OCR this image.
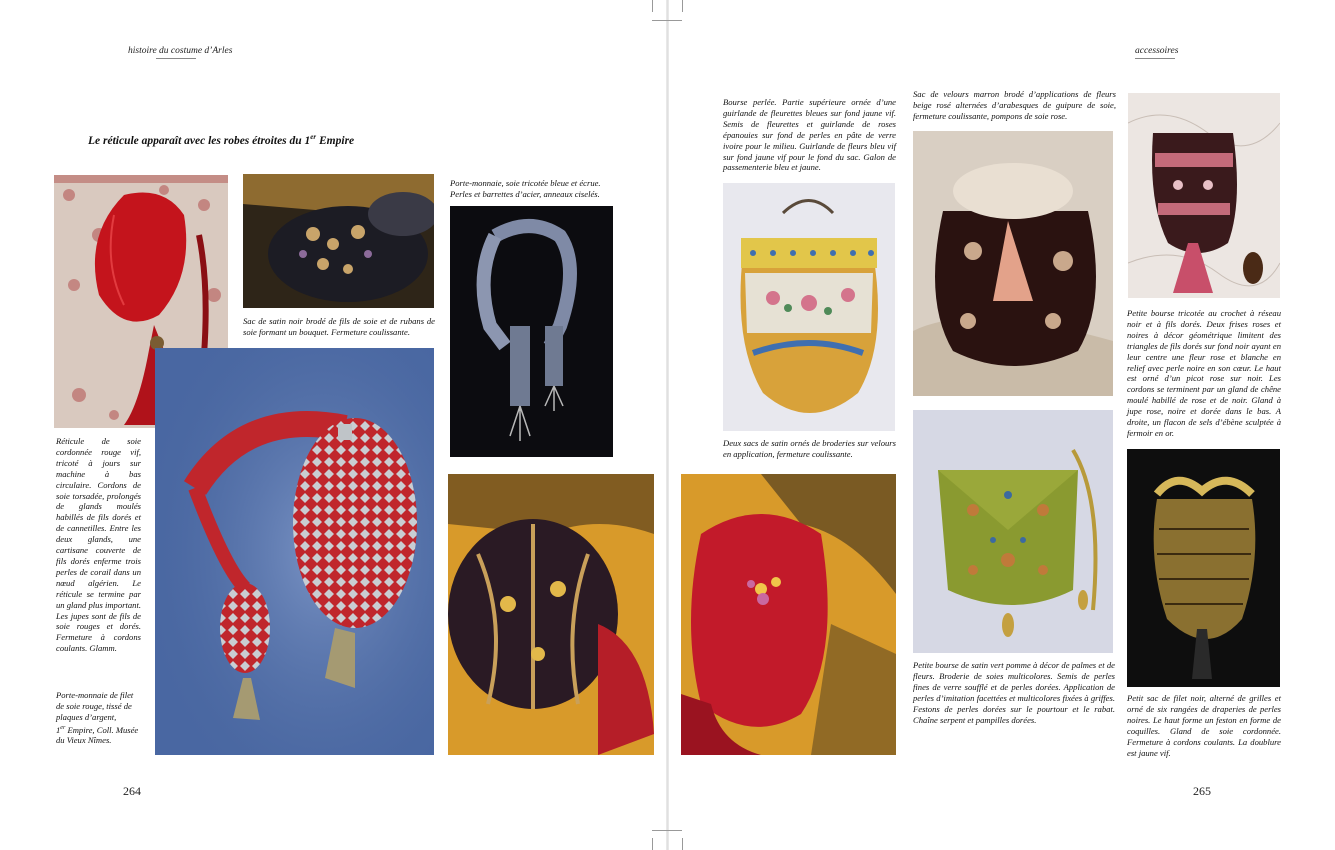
histoire du costume d’Arles	accessoires
Le réticule apparaît avec les robes étroites du 1er Empire
Sac de satin noir brodé de fils de soie et de rubans de soie formant un bouquet. Fermeture coulissante.
Porte-monnaie, soie tricotée bleue et écrue. Perles et barrettes d’acier, anneaux ciselés.
Réticule de soie cordonnée rouge vif, tricoté à jours sur machine à bas circulaire. Cordons de soie torsadée, prolongés de glands moulés habillés de fils dorés et de cannetilles. Entre les deux glands, une cartisane couverte de fils dorés enferme trois perles de corail dans un nœud algérien. Le réticule se termine par un gland plus important. Les jupes sont de fils de soie rouges et dorés. Fermeture à cordons coulants. Glamm.
Porte-monnaie de filet de soie rouge, tissé de plaques d’argent,
1er Empire, Coll. Musée du Vieux Nîmes.
Bourse perlée. Partie supérieure ornée d’une guirlande de fleurettes bleues sur fond jaune vif. Semis de fleurettes et guirlande de roses épanouies sur fond de perles en pâte de verre ivoire pour le milieu. Guirlande de fleurs bleu vif sur fond jaune vif pour le fond du sac. Galon de passementerie bleu et jaune.
Sac de velours marron brodé d’applications de fleurs beige rosé alternées d’arabesques de guipure de soie, fermeture coulissante, pompons de soie rose.
Petite bourse tricotée au crochet à réseau noir et à fils dorés. Deux frises roses et noires à décor géométrique limitent des triangles de fils dorés sur fond noir ayant en leur centre une fleur rose et blanche en relief avec perle noire en son cœur. Le haut est orné d’un picot rose sur noir. Les cordons se terminent par un gland de chêne moulé habillé de rose et de noir. Gland à jupe rose, noire et dorée dans le bas. A droite, un flacon de sels d’ébène sculptée à fermoir en or.
Deux sacs de satin ornés de broderies sur velours en application, fermeture coulissante.
Petite bourse de satin vert pomme à décor de palmes et de fleurs. Broderie de soies multicolores. Semis de perles fines de verre soufflé et de perles dorées. Application de perles d’imitation facettées et multicolores fixées à griffes. Festons de perles dorées sur le pourtour et le rabat. Chaîne serpent et pampilles dorées.
Petit sac de filet noir, alterné de grilles et orné de six rangées de draperies de perles noires. Le haut forme un feston en forme de coquilles. Gland de soie cordonnée. Fermeture à cordons coulants. La doublure est jaune vif.
264	265
